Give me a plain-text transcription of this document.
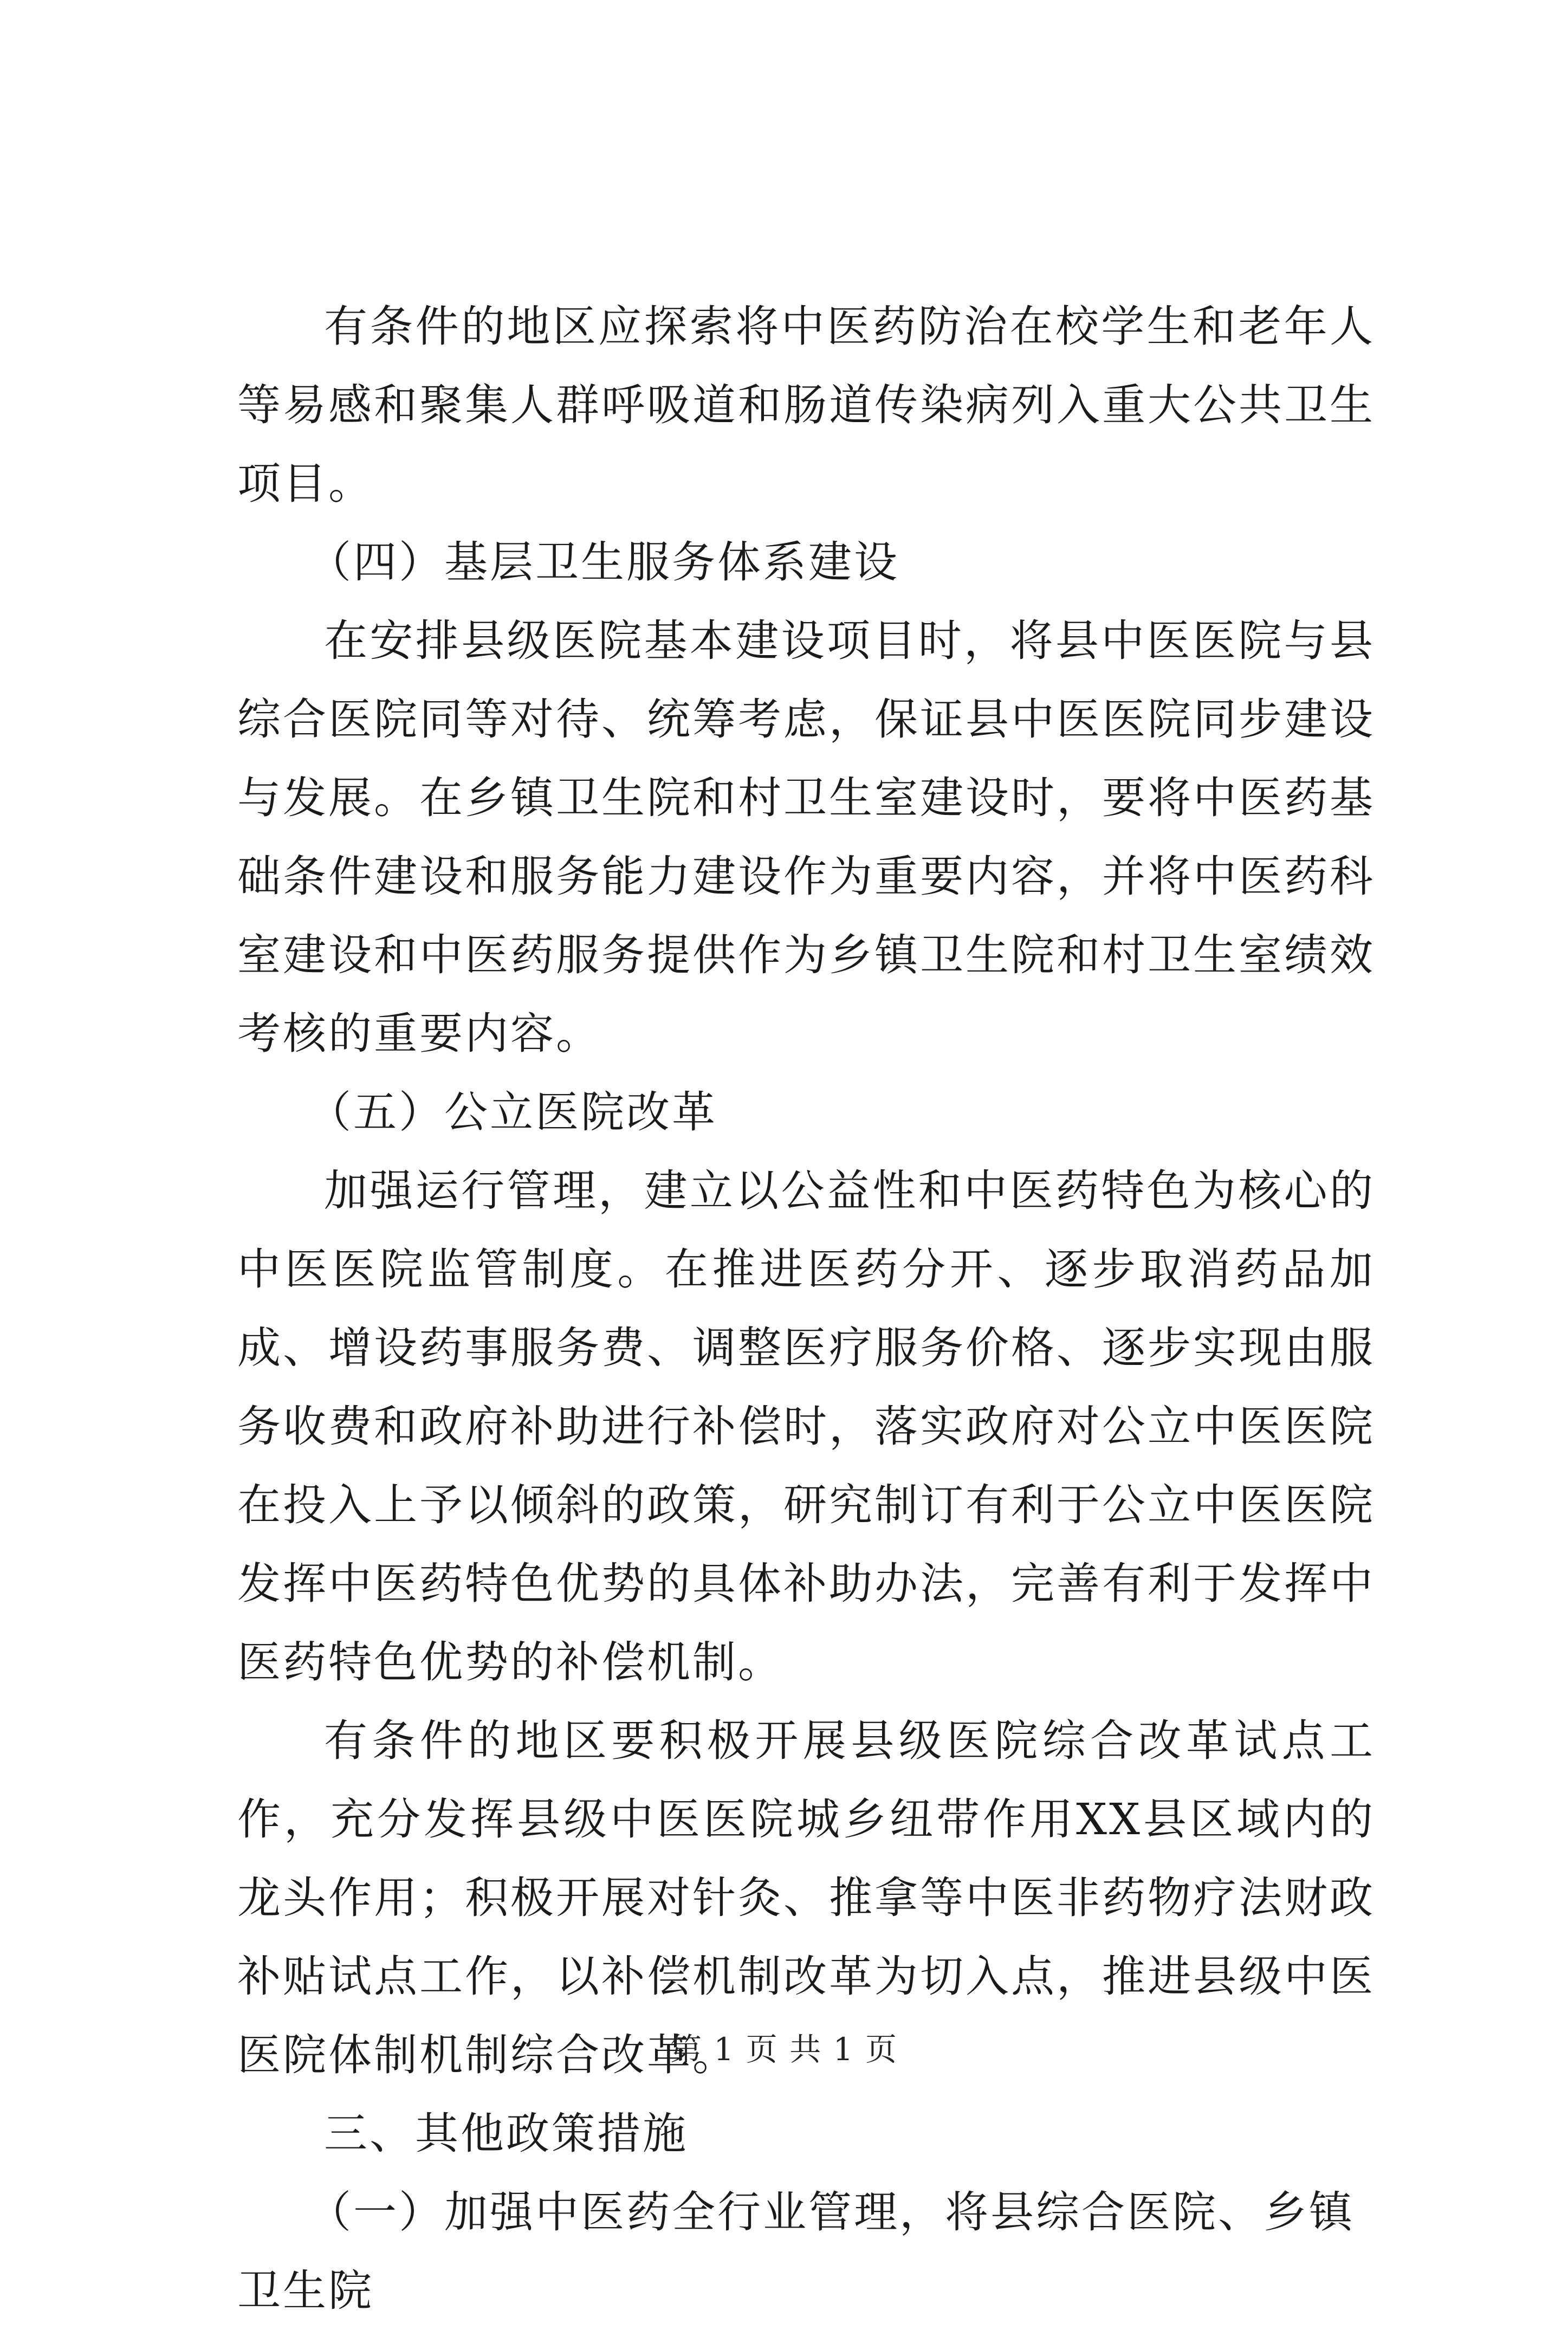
有条件的地区应探索将中医药防治在校学生和老年人等易感和聚集人群呼吸道和肠道传染病列入重大公共卫生项目。

（四）基层卫生服务体系建设

在安排县级医院基本建设项目时，将县中医医院与县综合医院同等对待、统筹考虑，保证县中医医院同步建设与发展。在乡镇卫生院和村卫生室建设时，要将中医药基础条件建设和服务能力建设作为重要内容，并将中医药科室建设和中医药服务提供作为乡镇卫生院和村卫生室绩效考核的重要内容。

（五）公立医院改革

加强运行管理，建立以公益性和中医药特色为核心的中医医院监管制度。在推进医药分开、逐步取消药品加成、增设药事服务费、调整医疗服务价格、逐步实现由服务收费和政府补助进行补偿时，落实政府对公立中医医院在投入上予以倾斜的政策，研究制订有利于公立中医医院发挥中医药特色优势的具体补助办法，完善有利于发挥中医药特色优势的补偿机制。

有条件的地区要积极开展县级医院综合改革试点工作，充分发挥县级中医医院城乡纽带作用XX县区域内的龙头作用；积极开展对针灸、推拿等中医非药物疗法财政补贴试点工作，以补偿机制改革为切入点，推进县级中医医院体制机制综合改革。

三、其他政策措施

（一）加强中医药全行业管理，将县综合医院、乡镇卫生院

第 1 页 共 1 页
